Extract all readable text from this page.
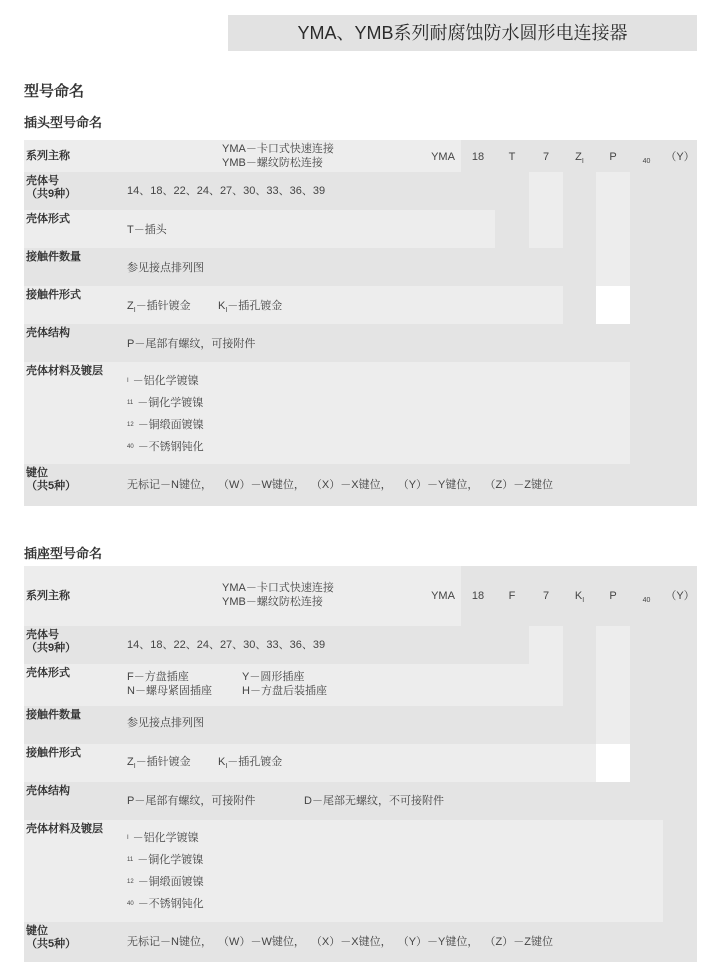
YMA、YMB系列耐腐蚀防水圆形电连接器
型号命名
插头型号命名
系列主称
YMA－卡口式快速连接
YMB－螺纹防松连接	YMA	18	T	7	$Z_I$	P	40	（Y）
壳体号
（共9种）	14、18、22、24、27、30、33、36、39
壳体形式
T－插头
接触件数量
参见接点排列图
接触件形式
$Z_I-$插针镀金 $K_I-$插孔镀金
壳体结构
P－尾部有螺纹，可接附件
壳体材料及镀层
I －铝化学镀镍
11 －铜化学镀镍
12 －铜缎面镀镍
40 －不锈钢钝化
键位
（共5种）	无标记－N键位，  （W）－W键位，  （X）－X键位，  （Y）－Y键位，  （Z）－Z键位
插座型号命名
系列主称
YMA－卡口式快速连接
YMB－螺纹防松连接	YMA	18	F	7	$K_I$	P	40	（Y）
壳体号
（共9种）	14、18、22、24、27、30、33、36、39
壳体形式	F－方盘插座	Y－圆形插座
N－螺母紧固插座	H－方盘后装插座
接触件数量
参见接点排列图
接触件形式
$Z_I-$插针镀金 $K_I-$插孔镀金
壳体结构
P－尾部有螺纹，可接附件	D－尾部无螺纹，不可接附件
壳体材料及镀层
I －铝化学镀镍
11 －铜化学镀镍
12 －铜缎面镀镍
40 －不锈钢钝化
键位
（共5种）	无标记－N键位，  （W）－W键位，  （X）－X键位，  （Y）－Y键位，  （Z）－Z键位
